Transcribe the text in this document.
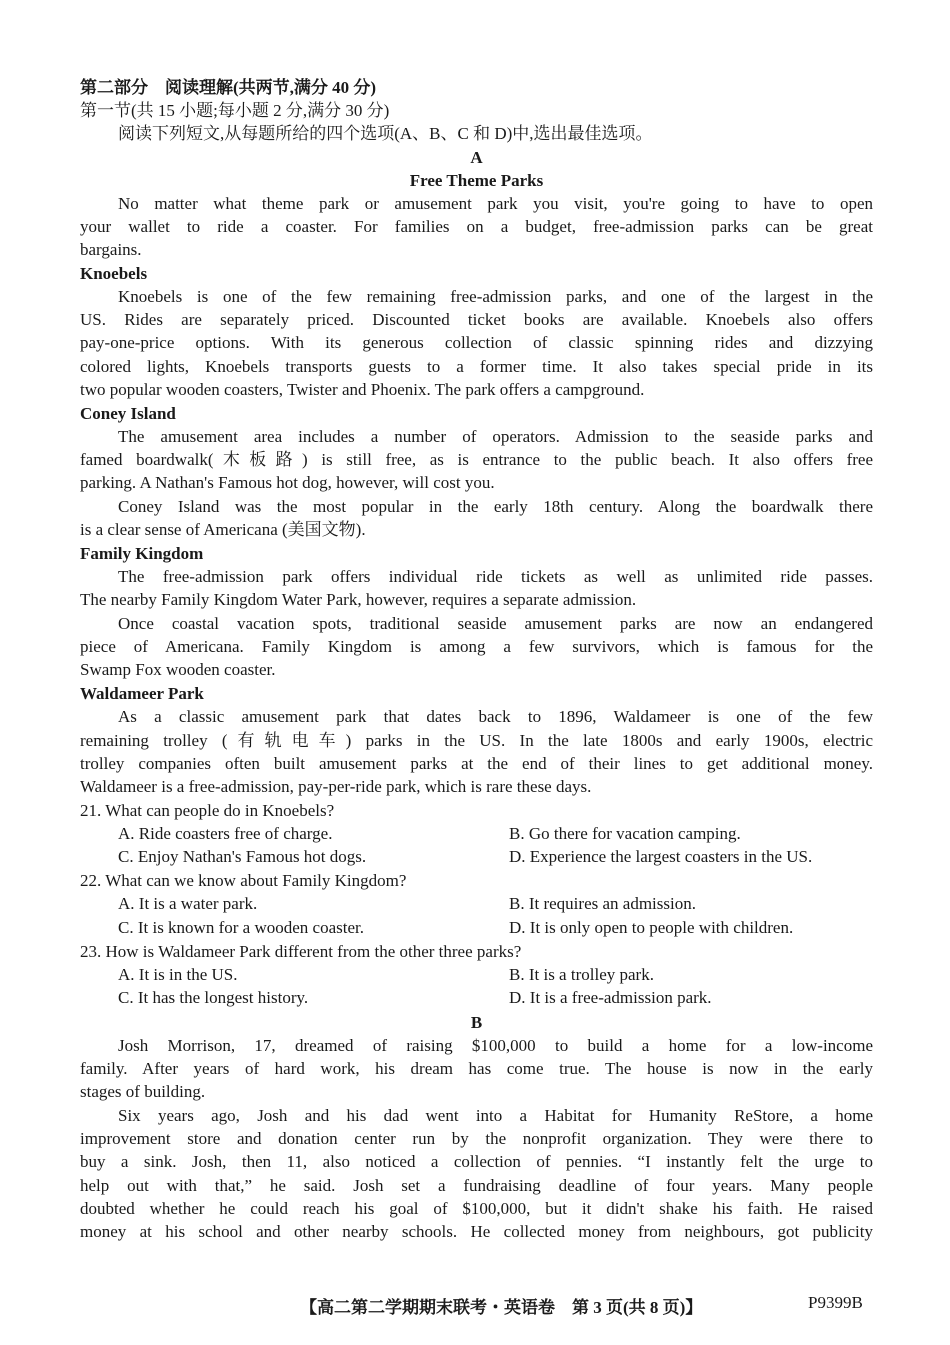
第二部分　阅读理解(共两节,满分 40 分)
第一节(共 15 小题;每小题 2 分,满分 30 分)
阅读下列短文,从每题所给的四个选项(A、B、C 和 D)中,选出最佳选项。
A
Free Theme Parks
No matter what theme park or amusement park you visit, you're going to have to open
your wallet to ride a coaster. For families on a budget, free-admission parks can be great
bargains.
Knoebels
Knoebels is one of the few remaining free-admission parks, and one of the largest in the
US. Rides are separately priced. Discounted ticket books are available. Knoebels also offers
pay-one-price options. With its generous collection of classic spinning rides and dizzying
colored lights, Knoebels transports guests to a former time. It also takes special pride in its
two popular wooden coasters, Twister and Phoenix. The park offers a campground.
Coney Island
The amusement area includes a number of operators. Admission to the seaside parks and
famed boardwalk(木板路) is still free, as is entrance to the public beach. It also offers free
parking. A Nathan's Famous hot dog, however, will cost you.
Coney Island was the most popular in the early 18th century. Along the boardwalk there
is a clear sense of Americana (美国文物).
Family Kingdom
The free-admission park offers individual ride tickets as well as unlimited ride passes.
The nearby Family Kingdom Water Park, however, requires a separate admission.
Once coastal vacation spots, traditional seaside amusement parks are now an endangered
piece of Americana. Family Kingdom is among a few survivors, which is famous for the
Swamp Fox wooden coaster.
Waldameer Park
As a classic amusement park that dates back to 1896, Waldameer is one of the few
remaining trolley (有轨电车) parks in the US. In the late 1800s and early 1900s, electric
trolley companies often built amusement parks at the end of their lines to get additional money.
Waldameer is a free-admission, pay-per-ride park, which is rare these days.
21. What can people do in Knoebels?
A. Ride coasters free of charge.	B. Go there for vacation camping.
C. Enjoy Nathan's Famous hot dogs.	D. Experience the largest coasters in the US.
22. What can we know about Family Kingdom?
A. It is a water park.	B. It requires an admission.
C. It is known for a wooden coaster.	D. It is only open to people with children.
23. How is Waldameer Park different from the other three parks?
A. It is in the US.	B. It is a trolley park.
C. It has the longest history.	D. It is a free-admission park.
B
Josh Morrison, 17, dreamed of raising $100,000 to build a home for a low-income
family. After years of hard work, his dream has come true. The house is now in the early
stages of building.
Six years ago, Josh and his dad went into a Habitat for Humanity ReStore, a home
improvement store and donation center run by the nonprofit organization. They were there to
buy a sink. Josh, then 11, also noticed a collection of pennies. “I instantly felt the urge to
help out with that,” he said. Josh set a fundraising deadline of four years. Many people
doubted whether he could reach his goal of $100,000, but it didn't shake his faith. He raised
money at his school and other nearby schools. He collected money from neighbours, got publicity
【高二第二学期期末联考・英语卷　第 3 页(共 8 页)】	P9399B
